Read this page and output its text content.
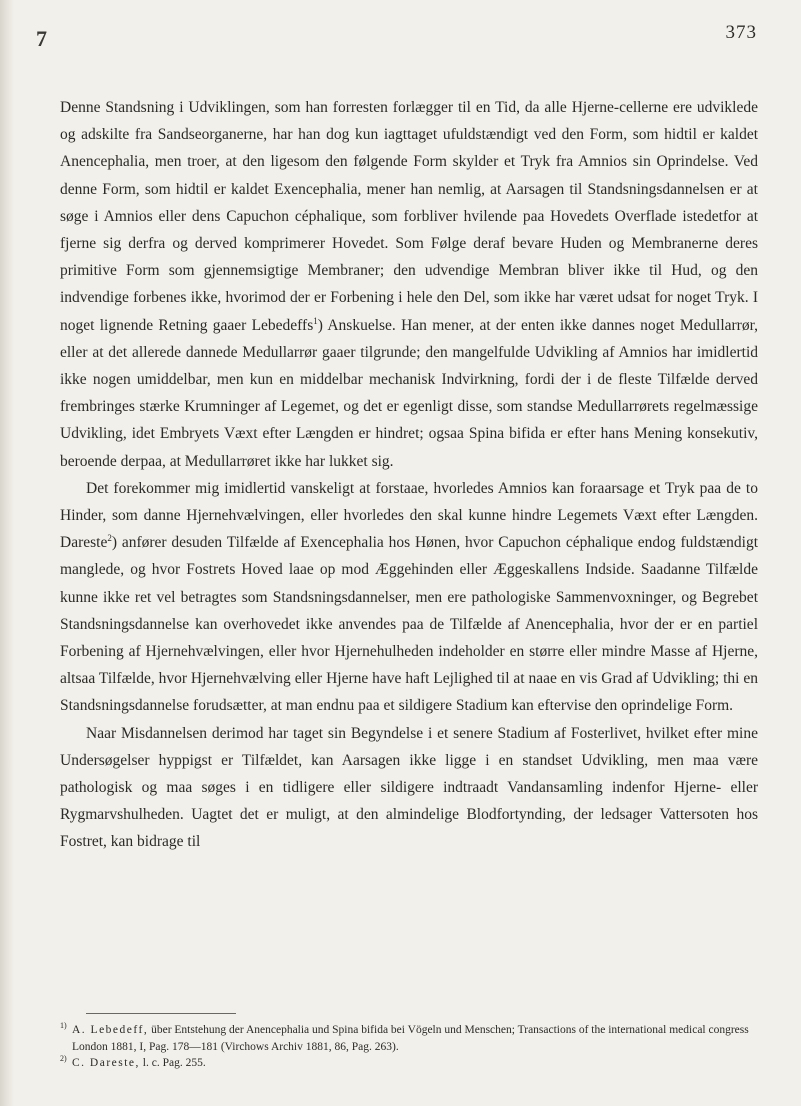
7	373

Denne Standsning i Udviklingen, som han forresten forlægger til en Tid, da alle Hjerne-cellerne ere udviklede og adskilte fra Sandseorganerne, har han dog kun iagttaget ufuldstændigt ved den Form, som hidtil er kaldet Anencephalia, men troer, at den ligesom den følgende Form skylder et Tryk fra Amnios sin Oprindelse. Ved denne Form, som hidtil er kaldet Exencephalia, mener han nemlig, at Aarsagen til Standsningsdannelsen er at søge i Amnios eller dens Capuchon céphalique, som forbliver hvilende paa Hovedets Overflade istedetfor at fjerne sig derfra og derved komprimerer Hovedet. Som Følge deraf bevare Huden og Membranerne deres primitive Form som gjennemsigtige Membraner; den udvendige Membran bliver ikke til Hud, og den indvendige forbenes ikke, hvorimod der er Forbening i hele den Del, som ikke har været udsat for noget Tryk. I noget lignende Retning gaaer Lebedeffs$^1$) Anskuelse. Han mener, at der enten ikke dannes noget Medullarrør, eller at det allerede dannede Medullarrør gaaer tilgrunde; den mangelfulde Udvikling af Amnios har imidlertid ikke nogen umiddelbar, men kun en middelbar mechanisk Indvirkning, fordi der i de fleste Tilfælde derved frembringes stærke Krumninger af Legemet, og det er egenligt disse, som standse Medullarrørets regelmæssige Udvikling, idet Embryets Væxt efter Længden er hindret; ogsaa Spina bifida er efter hans Mening konsekutiv, beroende derpaa, at Medullarrøret ikke har lukket sig.

Det forekommer mig imidlertid vanskeligt at forstaae, hvorledes Amnios kan foraarsage et Tryk paa de to Hinder, som danne Hjernehvælvingen, eller hvorledes den skal kunne hindre Legemets Væxt efter Længden. Dareste$^2$) anfører desuden Tilfælde af Exencephalia hos Hønen, hvor Capuchon céphalique endog fuldstændigt manglede, og hvor Fostrets Hoved laae op mod Æggehinden eller Æggeskallens Indside. Saadanne Tilfælde kunne ikke ret vel betragtes som Standsningsdannelser, men ere pathologiske Sammenvoxninger, og Begrebet Standsningsdannelse kan overhovedet ikke anvendes paa de Tilfælde af Anencephalia, hvor der er en partiel Forbening af Hjernehvælvingen, eller hvor Hjernehulheden indeholder en større eller mindre Masse af Hjerne, altsaa Tilfælde, hvor Hjernehvælving eller Hjerne have haft Lejlighed til at naae en vis Grad af Udvikling; thi en Standsningsdannelse forudsætter, at man endnu paa et sildigere Stadium kan eftervise den oprindelige Form.

Naar Misdannelsen derimod har taget sin Begyndelse i et senere Stadium af Fosterlivet, hvilket efter mine Undersøgelser hyppigst er Tilfældet, kan Aarsagen ikke ligge i en standset Udvikling, men maa være pathologisk og maa søges i en tidligere eller sildigere indtraadt Vandansamling indenfor Hjerne- eller Rygmarvshulheden. Uagtet det er muligt, at den almindelige Blodfortynding, der ledsager Vattersoten hos Fostret, kan bidrage til

1) A. Lebedeff, über Entstehung der Anencephalia und Spina bifida bei Vögeln und Menschen; Transactions of the international medical congress London 1881, I, Pag. 178—181 (Virchows Archiv 1881, 86, Pag. 263).

2) C. Dareste, l. c. Pag. 255.
